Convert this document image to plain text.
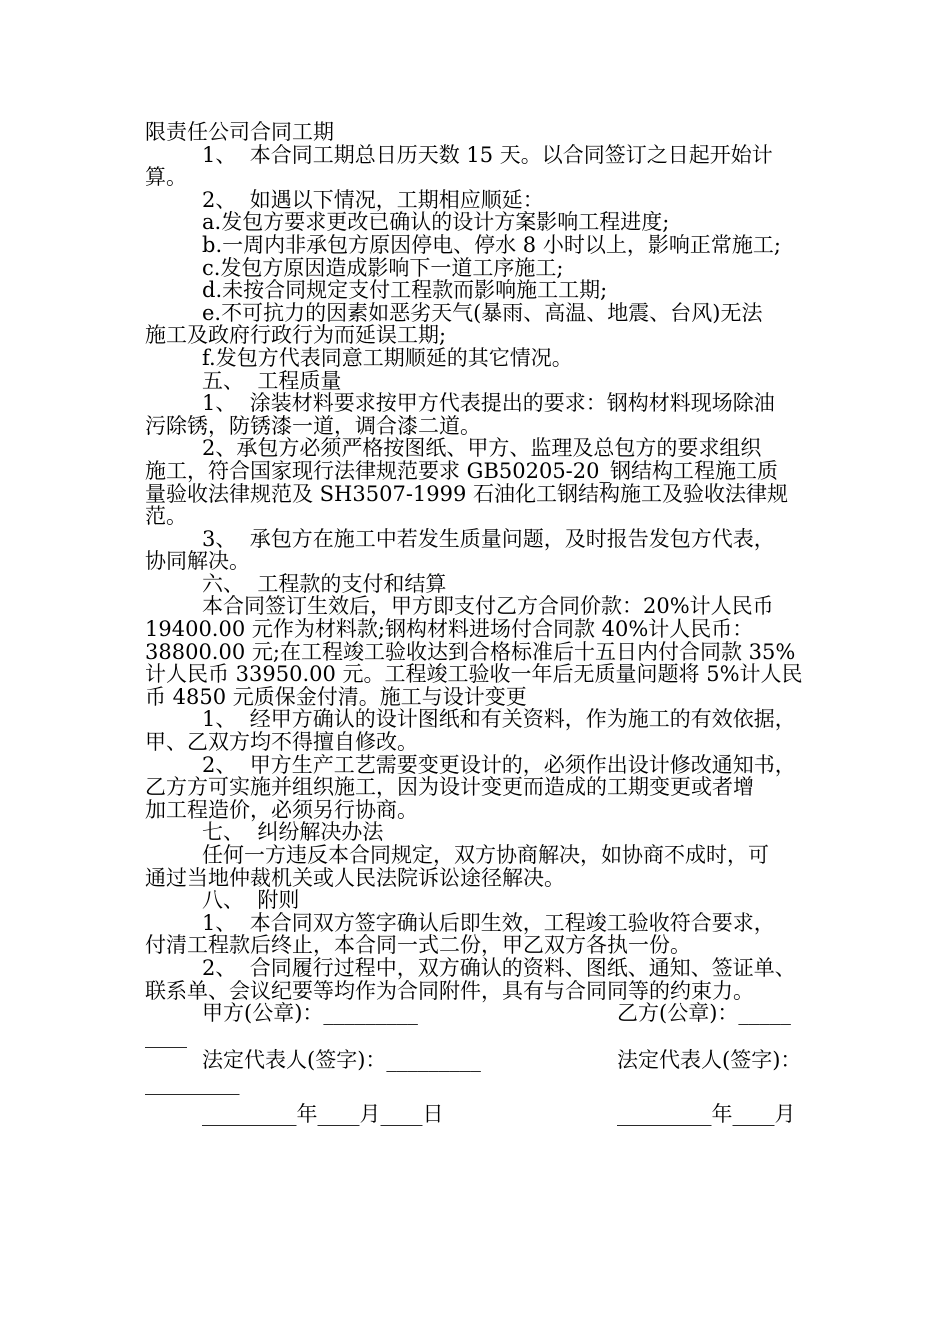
限责任公司合同工期
1、  本合同工期总日历天数 15 天。以合同签订之日起开始计
算。
2、  如遇以下情况，工期相应顺延：
a.发包方要求更改已确认的设计方案影响工程进度;
b.一周内非承包方原因停电、停水 8 小时以上，影响正常施工;
c.发包方原因造成影响下一道工序施工;
d.未按合同规定支付工程款而影响施工工期;
e.不可抗力的因素如恶劣天气(暴雨、高温、地震、台风)无法
施工及政府行政行为而延误工期;
f.发包方代表同意工期顺延的其它情况。
五、  工程质量
1、  涂装材料要求按甲方代表提出的要求：钢构材料现场除油
污除锈，防锈漆一道，调合漆二道。
2、承包方必须严格按图纸、甲方、监理及总包方的要求组织
施工，符合国家现行法律规范要求 GB50205-20_钢结构工程施工质
量验收法律规范及 SH3507-1999 石油化工钢结构施工及验收法律规
范。
3、  承包方在施工中若发生质量问题，及时报告发包方代表，
协同解决。
六、  工程款的支付和结算
本合同签订生效后，甲方即支付乙方合同价款：20%计人民币
19400.00 元作为材料款;钢构材料进场付合同款 40%计人民币：
38800.00 元;在工程竣工验收达到合格标准后十五日内付合同款 35%
计人民币 33950.00 元。工程竣工验收一年后无质量问题将 5%计人民
币 4850 元质保金付清。施工与设计变更
1、  经甲方确认的设计图纸和有关资料，作为施工的有效依据，
甲、乙双方均不得擅自修改。
2、  甲方生产工艺需要变更设计的，必须作出设计修改通知书，
乙方方可实施并组织施工，因为设计变更而造成的工期变更或者增
加工程造价，必须另行协商。
七、  纠纷解决办法
任何一方违反本合同规定，双方协商解决，如协商不成时，可
通过当地仲裁机关或人民法院诉讼途径解决。
八、  附则
1、  本合同双方签字确认后即生效，工程竣工验收符合要求，
付清工程款后终止，本合同一式二份，甲乙双方各执一份。
2、  合同履行过程中，双方确认的资料、图纸、通知、签证单、
联系单、会议纪要等均作为合同附件，具有与合同同等的约束力。
甲方(公章)：_________	乙方(公章)：_____
____
法定代表人(签字)：_________	法定代表人(签字)：
_________
_________年____月____日	_________年____月
